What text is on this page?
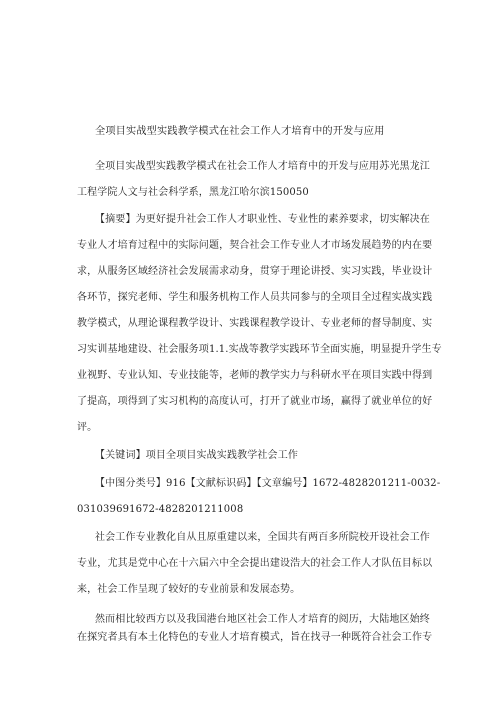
全项目实战型实践教学模式在社会工作人才培育中的开发与应用
全项目实战型实践教学模式在社会工作人才培育中的开发与应用苏光黑龙江
工程学院人文与社会科学系，黑龙江哈尔滨150050
【摘要】为更好提升社会工作人才职业性、专业性的素养要求，切实解决在
专业人才培育过程中的实际问题，契合社会工作专业人才市场发展趋势的内在要
求，从服务区域经济社会发展需求动身，贯穿于理论讲授、实习实践，毕业设计
各环节，探究老师、学生和服务机构工作人员共同参与的全项目全过程实战实践
教学模式，从理论课程教学设计、实践课程教学设计、专业老师的督导制度、实
习实训基地建设、社会服务项1.1.实战等教学实践环节全面实施，明显提升学生专
业视野、专业认知、专业技能等，老师的教学实力与科研水平在项目实践中得到
了提高，项得到了实习机构的高度认可，打开了就业市场，赢得了就业单位的好
评。
【关键词】项目全项目实战实践教学社会工作
【中图分类号】916【文献标识码】【文章编号】1672-4828201211-0032-
031039691672-4828201211008
社会工作专业教化自从且原重建以来，全国共有两百多所院校开设社会工作
专业，尤其是党中心在十六届六中全会提出建设浩大的社会工作人才队伍目标以
来，社会工作呈现了较好的专业前景和发展态势。
然而相比较西方以及我国港台地区社会工作人才培育的阅历，大陆地区始终
在探究者具有本土化特色的专业人才培育模式，旨在找寻一种既符合社会工作专
